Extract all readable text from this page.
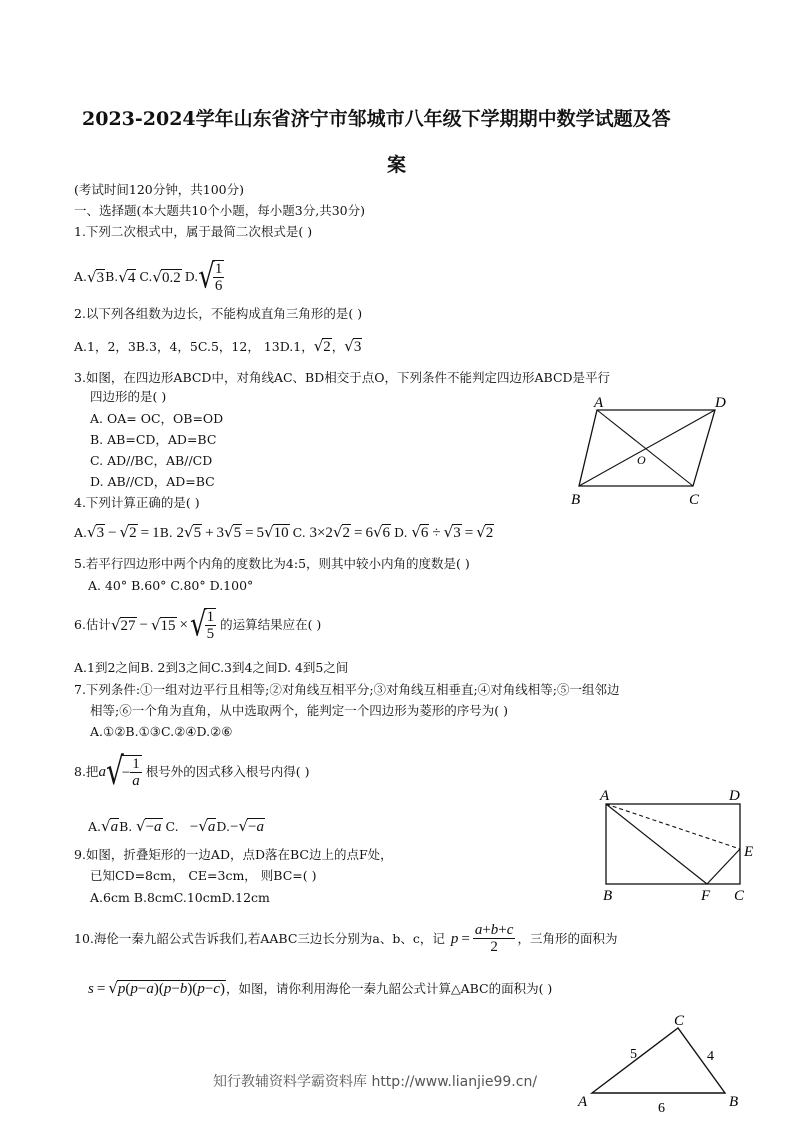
2023-2024学年山东省济宁市邹城市八年级下学期期中数学试题及答
案
(考试时间120分钟，共100分)
一、选择题(本大题共10个小题，每小题3分,共30分)
1.下列二次根式中，属于最简二次根式是( )
A. √3 B. √4 C. √0.2 D. √
$\frac{1}{6}$
2.以下列各组数为边长，不能构成直角三角形的是( )
A.1，2，3B.3，4，5C.5，12， 13D.1， √2 ， √3
3.如图，在四边形ABCD中，对角线AC、BD相交于点O，下列条件不能判定四边形ABCD是平行
四边形的是( )
A. OA= OC，OB=OD
B. AB=CD，AD=BC
C. AD//BC，AB//CD
D. AB//CD，AD=BC
A	D
B	C
O
4.下列计算正确的是( )
A. √3 − √2 = 1 B. 2√5 + 3√5 = 5√10 C. 3×2√2 = 6√6 D. √6 ÷ √3 = √2
5.若平行四边形中两个内角的度数比为4:5，则其中较小内角的度数是( )
A. 40° B.60° C.80° D.100°
6.估计 √ 27  −  √ 15  × √
$\frac{1}{5}$ 的运算结果应在( )
A.1到2之间B. 2到3之间C.3到4之间D. 4到5之间
7.下列条件:①一组对边平行且相等;②对角线互相平分;③对角线互相垂直;④对角线相等;⑤一组邻边
相等;⑥一个角为直角，从中选取两个，能判定一个四边形为菱形的序号为( )
A.①②B.①③C.②④D.②⑥
8.把 a √
− $\frac{1}{a}$ 根号外的因式移入根号内得( )
A. √a B. √−a C. −√a D. −√−a
A	D
E
B	F C
9.如图，折叠矩形的一边AD，点D落在BC边上的点F处，
已知CD=8cm， CE=3cm， 则BC=( )
A.6cm B.8cmC.10cmD.12cm
10.海伦一秦九韶公式告诉我们,若AABC三边长分别为a、b、c，记 $p = \frac{a+b+c}{2}$ ，三角形的面积为
s = √p(p−a)(p−b)(p−c) ，如图，请你利用海伦一秦九韶公式计算△ABC的面积为( )
C
A	B
5	4
6
知行教辅资料学霸资料库 http://www.lianjie99.cn/
